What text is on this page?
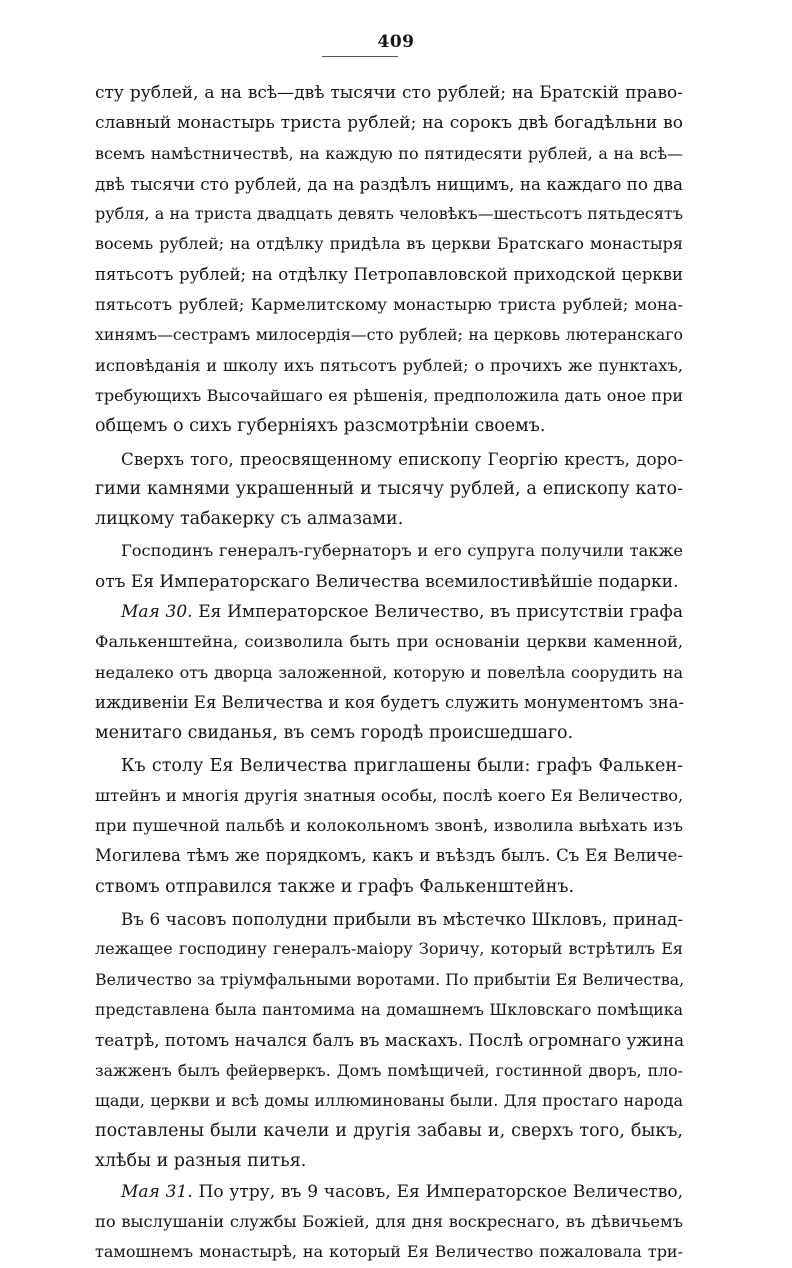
409
сту рублей, а на всѣ—двѣ тысячи сто рублей; на Братскій право-
славный монастырь триста рублей; на сорокъ двѣ богадѣльни во
всемъ намѣстничествѣ, на каждую по пятидесяти рублей, а на всѣ—
двѣ тысячи сто рублей, да на раздѣлъ нищимъ, на каждаго по два
рубля, а на триста двадцать девять человѣкъ—шестьсотъ пятьдесятъ
восемь рублей; на отдѣлку придѣла въ церкви Братскаго монастыря
пятьсотъ рублей; на отдѣлку Петропавловской приходской церкви
пятьсотъ рублей; Кармелитскому монастырю триста рублей; мона-
хинямъ—сестрамъ милосердія—сто рублей; на церковь лютеранскаго
исповѣданія и школу ихъ пятьсотъ рублей; о прочихъ же пунктахъ,
требующихъ Высочайшаго ея рѣшенія, предположила дать оное при
общемъ о сихъ губерніяхъ разсмотрѣніи своемъ.
Сверхъ того, преосвященному епископу Георгію крестъ, дорo-
гими камнями украшенный и тысячу рублей, а епископу като-
лицкому табакерку съ алмазами.
Господинъ генералъ-губернаторъ и его супруга получили также
отъ Ея Императорскаго Величества всемилостивѣйшіе подарки.
Мая 30. Ея Императорское Величество, въ присутствіи графа
Фалькенштейна, соизволила быть при основаніи церкви каменной,
недалеко отъ дворца заложенной, которую и повелѣла соорудить на
иждивеніи Ея Величества и коя будетъ служить монументомъ зна-
менитаго свиданья, въ семъ городѣ происшедшаго.
Къ столу Ея Величества приглашены были: графъ Фалькен-
штейнъ и многія другія знатныя особы, послѣ коего Ея Величество,
при пушечной пальбѣ и колокольномъ звонѣ, изволила выѣхать изъ
Могилева тѣмъ же порядкомъ, какъ и въѣздъ былъ. Съ Ея Величе-
ствомъ отправился также и графъ Фалькенштейнъ.
Въ 6 часовъ пополудни прибыли въ мѣстечко Шкловъ, принад-
лежащее господину генералъ-маіору Зоричу, который встрѣтилъ Ея
Величество за тріумфальными воротами. По прибытіи Ея Величества,
представлена была пантомима на домашнемъ Шкловскаго помѣщика
театрѣ, потомъ начался балъ въ маскахъ. Послѣ огромнаго ужина
зажженъ былъ фейерверкъ. Домъ помѣщичей, гостинной дворъ, пло-
щади, церкви и всѣ домы иллюминованы были. Для простаго народа
поставлены были качели и другія забавы и, сверхъ того, быкъ,
хлѣбы и разныя питья.
Мая 31. По утру, въ 9 часовъ, Ея Императорское Величество,
по выслушаніи службы Божіей, для дня воскреснаго, въ дѣвичьемъ
тамошнемъ монастырѣ, на который Ея Величество пожаловала три-
